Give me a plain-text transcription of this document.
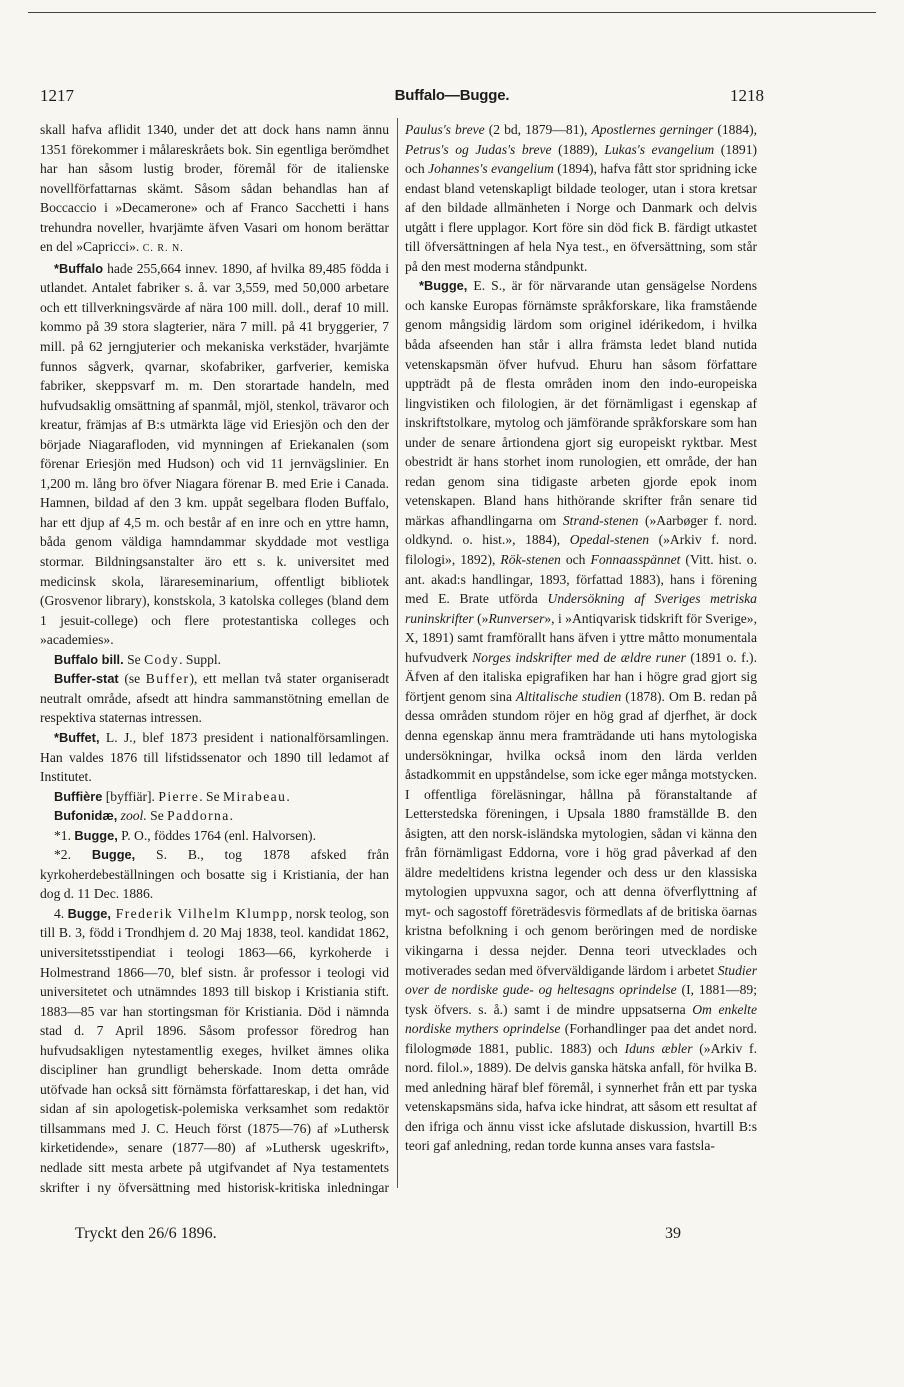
1217	Buffalo—Bugge.	1218

skall hafva aflidit 1340, under det att dock hans namn ännu 1351 förekommer i målareskråets bok. Sin egentliga berömdhet har han såsom lustig broder, föremål för de italienske novellförfattarnas skämt. Såsom sådan behandlas han af Boccaccio i »Decamerone» och af Franco Sacchetti i hans trehundra noveller, hvarjämte äfven Vasari om honom berättar en del »Capricci». C. R. N.

*Buffalo hade 255,664 innev. 1890, af hvilka 89,485 födda i utlandet. Antalet fabriker s. å. var 3,559, med 50,000 arbetare och ett tillverkningsvärde af nära 100 mill. doll., deraf 10 mill. kommo på 39 stora slagterier, nära 7 mill. på 41 bryggerier, 7 mill. på 62 jerngjuterier och mekaniska verkstäder, hvarjämte funnos sågverk, qvarnar, skofabriker, garfverier, kemiska fabriker, skeppsvarf m. m. Den storartade handeln, med hufvudsaklig omsättning af spanmål, mjöl, stenkol, trävaror och kreatur, främjas af B:s utmärkta läge vid Eriesjön och den der började Niagarafloden, vid mynningen af Eriekanalen (som förenar Eriesjön med Hudson) och vid 11 jernvägslinier. En 1,200 m. lång bro öfver Niagara förenar B. med Erie i Canada. Hamnen, bildad af den 3 km. uppåt segelbara floden Buffalo, har ett djup af 4,5 m. och består af en inre och en yttre hamn, båda genom väldiga hamndammar skyddade mot vestliga stormar. Bildningsanstalter äro ett s. k. universitet med medicinsk skola, lärareseminarium, offentligt bibliotek (Grosvenor library), konstskola, 3 katolska colleges (bland dem 1 jesuit-college) och flere protestantiska colleges och »academies».

Buffalo bill. Se Cody. Suppl.

Buffer-stat (se Buffer), ett mellan två stater organiseradt neutralt område, afsedt att hindra sammanstötning emellan de respektiva staternas intressen.

*Buffet, L. J., blef 1873 president i nationalförsamlingen. Han valdes 1876 till lifstidssenator och 1890 till ledamot af Institutet.

Buffière [byffiär]. Pierre. Se Mirabeau.

Bufonidæ, zool. Se Paddorna.

*1. Bugge, P. O., föddes 1764 (enl. Halvorsen).

*2. Bugge, S. B., tog 1878 afsked från kyrkoherdebeställningen och bosatte sig i Kristiania, der han dog d. 11 Dec. 1886.

4. Bugge, Frederik Vilhelm Klumpp, norsk teolog, son till B. 3, född i Trondhjem d. 20 Maj 1838, teol. kandidat 1862, universitetsstipendiat i teologi 1863—66, kyrkoherde i Holmestrand 1866—70, blef sistn. år professor i teologi vid universitetet och utnämndes 1893 till biskop i Kristiania stift. 1883—85 var han stortingsman för Kristiania. Död i nämnda stad d. 7 April 1896. Såsom professor föredrog han hufvudsakligen nytestamentlig exeges, hvilket ämnes olika discipliner han grundligt beherskade. Inom detta område utöfvade han också sitt förnämsta författareskap, i det han, vid sidan af sin apologetisk-polemiska verksamhet som redaktör tillsammans med J. C. Heuch först (1875—76) af »Luthersk kirketidende», senare (1877—80) af »Luthersk ugeskrift», nedlade sitt mesta arbete på utgifvandet af Nya testamentets skrifter i ny öfversättning med historisk-kritiska inledningar

Paulus's breve (2 bd, 1879—81), Apostlernes gerninger (1884), Petrus's og Judas's breve (1889), Lukas's evangelium (1891) och Johannes's evangelium (1894), hafva fått stor spridning icke endast bland vetenskapligt bildade teologer, utan i stora kretsar af den bildade allmänheten i Norge och Danmark och delvis utgått i flere upplagor. Kort före sin död fick B. färdigt utkastet till öfversättningen af hela Nya test., en öfversättning, som står på den mest moderna ståndpunkt.

*Bugge, E. S., är för närvarande utan gensägelse Nordens och kanske Europas förnämste språkforskare, lika framstående genom mångsidig lärdom som originel idérikedom, i hvilka båda afseenden han står i allra främsta ledet bland nutida vetenskapsmän öfver hufvud. Ehuru han såsom författare uppträdt på de flesta områden inom den indo-europeiska lingvistiken och filologien, är det förnämligast i egenskap af inskriftstolkare, mytolog och jämförande språkforskare som han under de senare årtiondena gjort sig europeiskt ryktbar. Mest obestridt är hans storhet inom runologien, ett område, der han redan genom sina tidigaste arbeten gjorde epok inom vetenskapen. Bland hans hithörande skrifter från senare tid märkas afhandlingarna om Strand-stenen (»Aarbøger f. nord. oldkynd. o. hist.», 1884), Opedal-stenen (»Arkiv f. nord. filologi», 1892), Rök-stenen och Fonnaasspännet (Vitt. hist. o. ant. akad:s handlingar, 1893, författad 1883), hans i förening med E. Brate utförda Undersökning af Sveriges metriska runinskrifter (»Runverser», i »Antiqvarisk tidskrift för Sverige», X, 1891) samt framförallt hans äfven i yttre måtto monumentala hufvudverk Norges indskrifter med de ældre runer (1891 o. f.). Äfven af den italiska epigrafiken har han i högre grad gjort sig förtjent genom sina Altitalische studien (1878). Om B. redan på dessa områden stundom röjer en hög grad af djerfhet, är dock denna egenskap ännu mera framträdande uti hans mytologiska undersökningar, hvilka också inom den lärda verlden åstadkommit en uppståndelse, som icke eger många motstycken. I offentliga föreläsningar, hållna på föranstaltande af Letterstedska föreningen, i Upsala 1880 framställde B. den åsigten, att den norsk-isländska mytologien, sådan vi känna den från förnämligast Eddorna, vore i hög grad påverkad af den äldre medeltidens kristna legender och dess ur den klassiska mytologien uppvuxna sagor, och att denna öfverflyttning af myt- och sagostoff företrädesvis förmedlats af de britiska öarnas kristna befolkning i och genom beröringen med de nordiske vikingarna i dessa nejder. Denna teori utvecklades och motiverades sedan med öfverväldigande lärdom i arbetet Studier over de nordiske gude- og heltesagns oprindelse (I, 1881—89; tysk öfvers. s. å.) samt i de mindre uppsatserna Om enkelte nordiske mythers oprindelse (Forhandlinger paa det andet nord. filologmøde 1881, public. 1883) och Iduns æbler (»Arkiv f. nord. filol.», 1889). De delvis ganska hätska anfall, för hvilka B. med anledning häraf blef föremål, i synnerhet från ett par tyska vetenskapsmäns sida, hafva icke hindrat, att såsom ett resultat af den ifriga och ännu visst icke afslutade diskussion, hvartill B:s teori gaf anledning, redan torde kunna anses vara fastsla-

Tryckt den 26/6 1896.	39
